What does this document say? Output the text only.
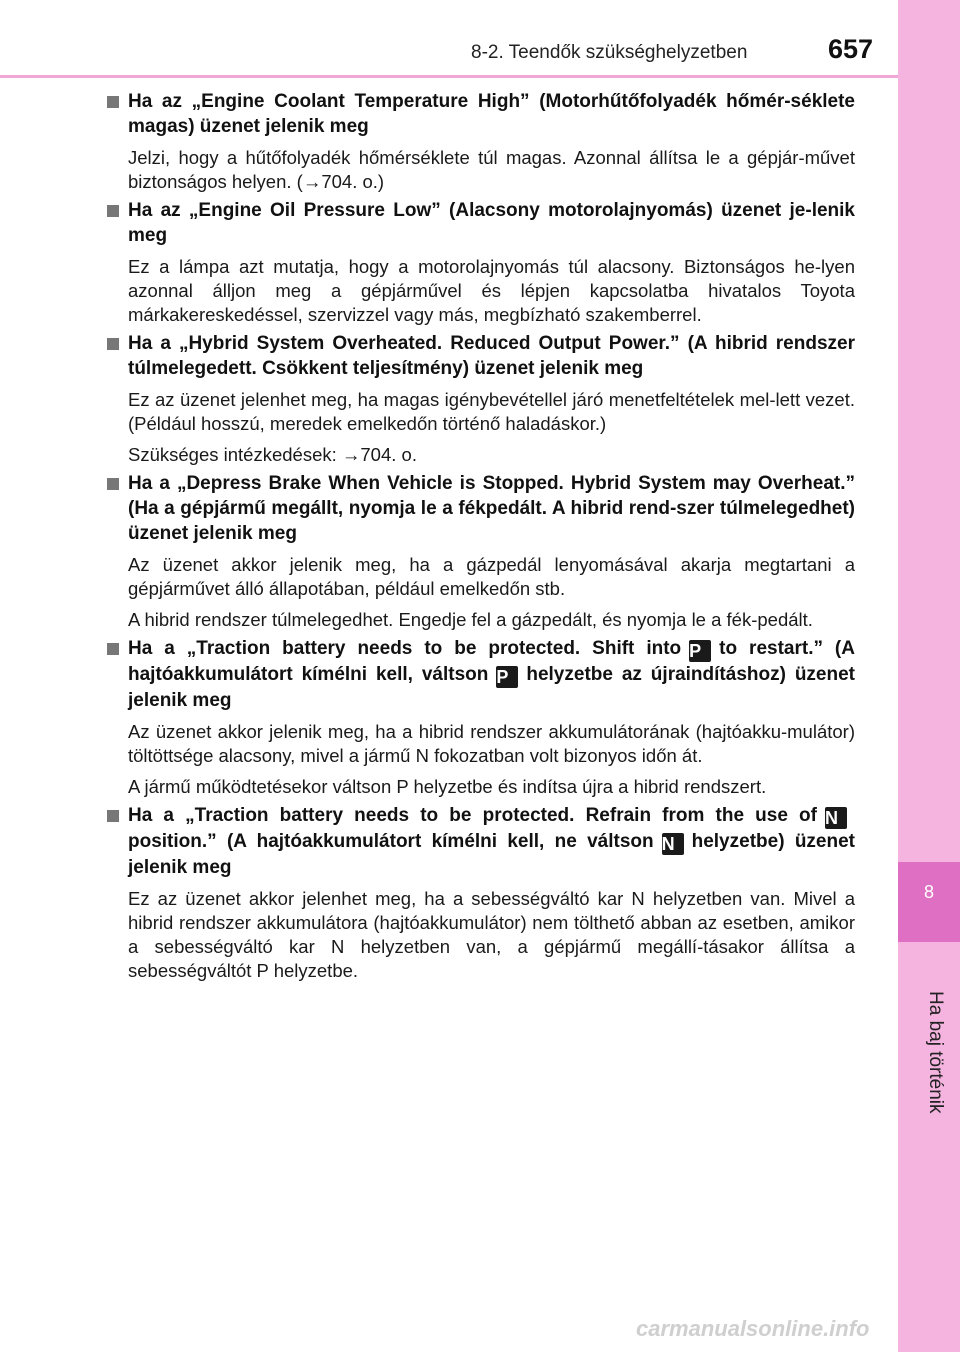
8
Ha baj történik
8-2. Teendők szükséghelyzetben	657
Ha az „Engine Coolant Temperature High” (Motorhűtőfolyadék hőmér-séklete magas) üzenet jelenik meg
Jelzi, hogy a hűtőfolyadék hőmérséklete túl magas. Azonnal állítsa le a gépjár-művet biztonságos helyen. (→704. o.)
Ha az „Engine Oil Pressure Low” (Alacsony motorolajnyomás) üzenet je-lenik meg
Ez a lámpa azt mutatja, hogy a motorolajnyomás túl alacsony. Biztonságos he-lyen azonnal álljon meg a gépjárművel és lépjen kapcsolatba hivatalos Toyota márkakereskedéssel, szervizzel vagy más, megbízható szakemberrel.
Ha a „Hybrid System Overheated. Reduced Output Power.” (A hibrid rendszer túlmelegedett. Csökkent teljesítmény) üzenet jelenik meg
Ez az üzenet jelenhet meg, ha magas igénybevétellel járó menetfeltételek mel-lett vezet. (Például hosszú, meredek emelkedőn történő haladáskor.)
Szükséges intézkedések: →704. o.
Ha a „Depress Brake When Vehicle is Stopped. Hybrid System may Overheat.” (Ha a gépjármű megállt, nyomja le a fékpedált. A hibrid rend-szer túlmelegedhet) üzenet jelenik meg
Az üzenet akkor jelenik meg, ha a gázpedál lenyomásával akarja megtartani a gépjárművet álló állapotában, például emelkedőn stb.
A hibrid rendszer túlmelegedhet. Engedje fel a gázpedált, és nyomja le a fék-pedált.
Ha a „Traction battery needs to be protected. Shift into P to restart.” (A hajtóakkumulátort kímélni kell, váltson P helyzetbe az újraindításhoz) üzenet jelenik meg
Az üzenet akkor jelenik meg, ha a hibrid rendszer akkumulátorának (hajtóakku-mulátor) töltöttsége alacsony, mivel a jármű N fokozatban volt bizonyos időn át.
A jármű működtetésekor váltson P helyzetbe és indítsa újra a hibrid rendszert.
Ha a „Traction battery needs to be protected. Refrain from the use of Nposition.” (A hajtóakkumulátort kímélni kell, ne váltson N helyzetbe) üzenet jelenik meg
Ez az üzenet akkor jelenhet meg, ha a sebességváltó kar N helyzetben van. Mivel a hibrid rendszer akkumulátora (hajtóakkumulátor) nem tölthető abban az esetben, amikor a sebességváltó kar N helyzetben van, a gépjármű megállí-tásakor állítsa a sebességváltót P helyzetbe.
carmanualsonline.info
